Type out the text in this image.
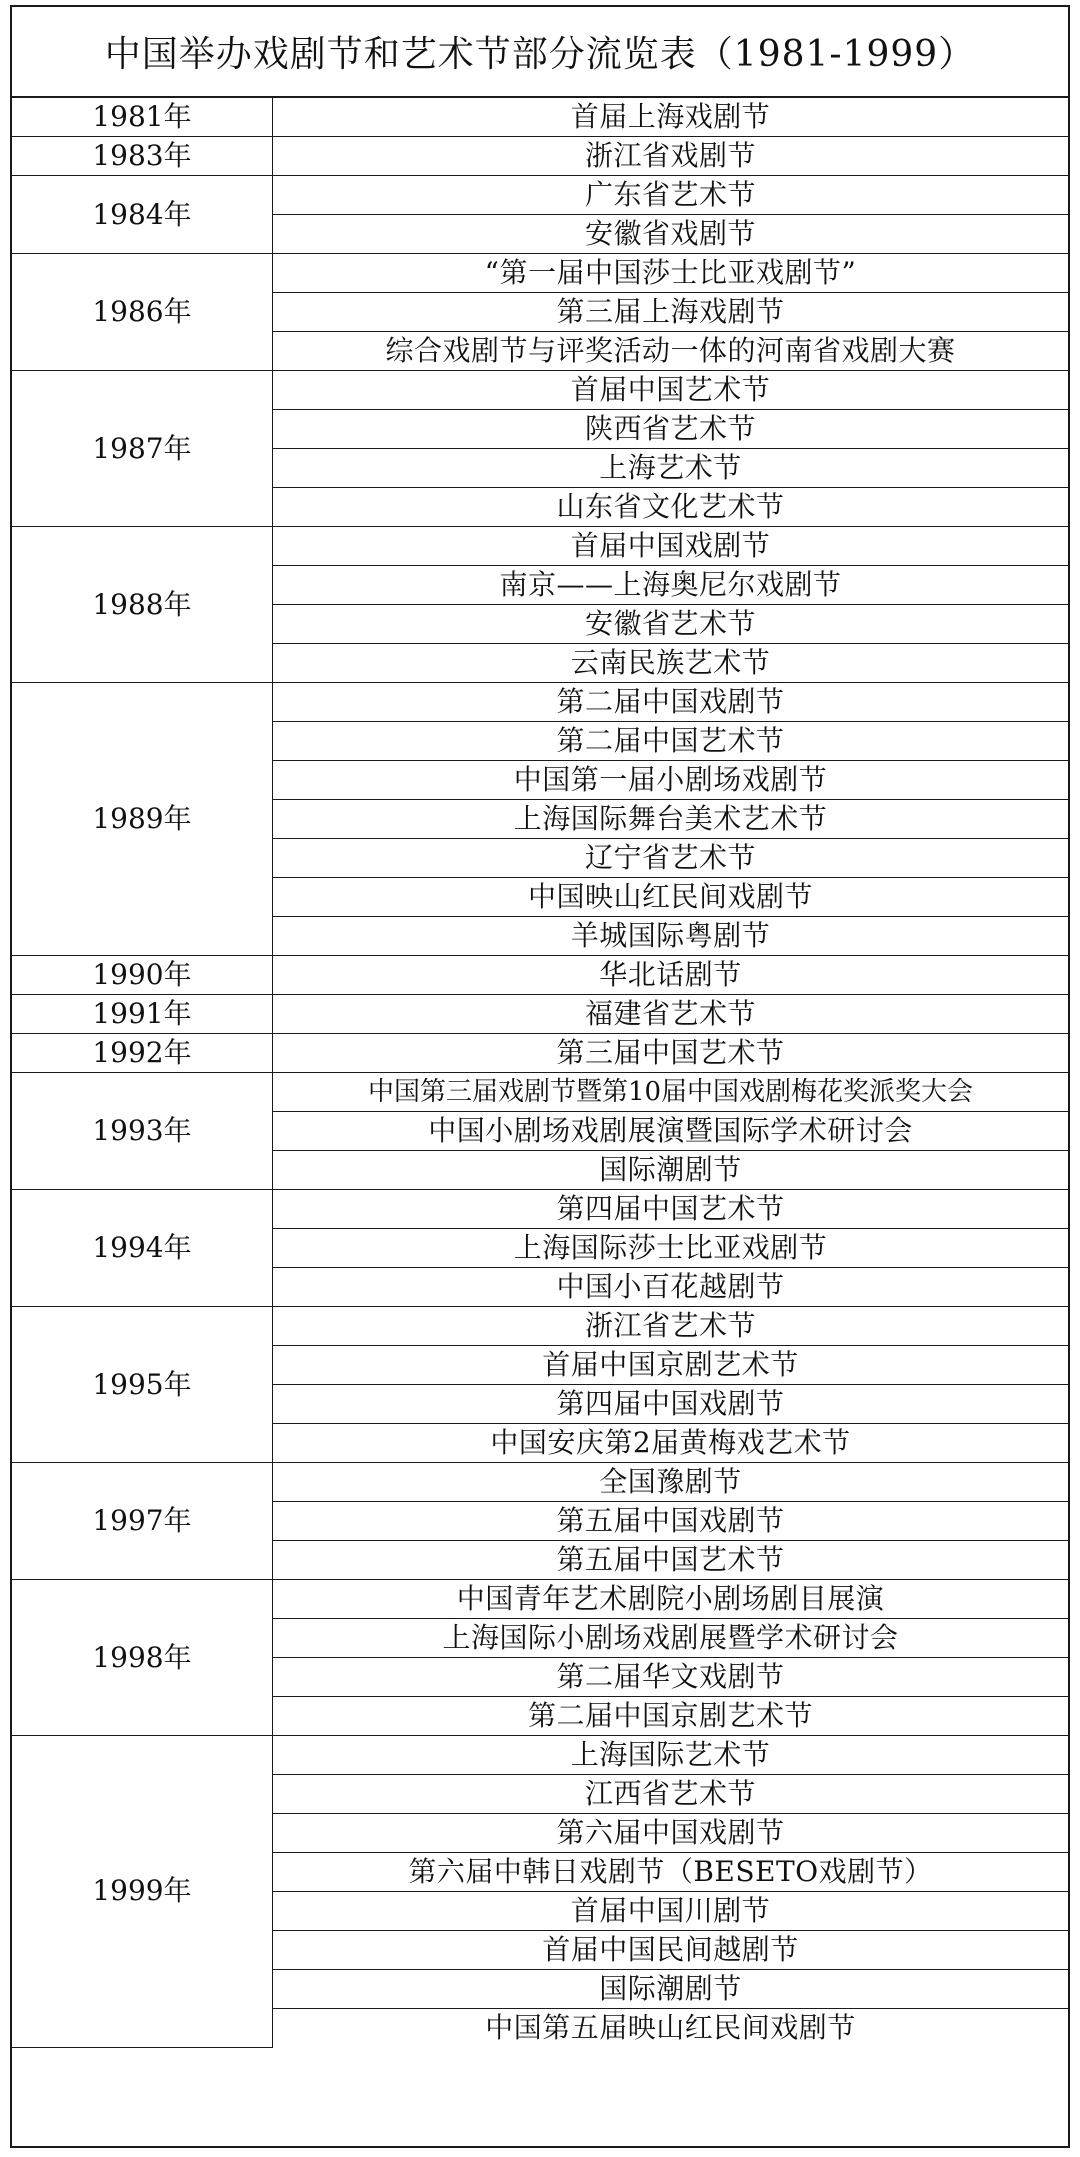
中国举办戏剧节和艺术节部分流览表（1981-1999）
1981年	首届上海戏剧节
1983年	浙江省戏剧节
1984年	广东省艺术节
	安徽省戏剧节
1986年	“第一届中国莎士比亚戏剧节”
	第三届上海戏剧节
	综合戏剧节与评奖活动一体的河南省戏剧大赛
1987年	首届中国艺术节
	陕西省艺术节
	上海艺术节
	山东省文化艺术节
1988年	首届中国戏剧节
	南京——上海奥尼尔戏剧节
	安徽省艺术节
	云南民族艺术节
1989年	第二届中国戏剧节
	第二届中国艺术节
	中国第一届小剧场戏剧节
	上海国际舞台美术艺术节
	辽宁省艺术节
	中国映山红民间戏剧节
	羊城国际粤剧节
1990年	华北话剧节
1991年	福建省艺术节
1992年	第三届中国艺术节
1993年	中国第三届戏剧节暨第10届中国戏剧梅花奖派奖大会
	中国小剧场戏剧展演暨国际学术研讨会
	国际潮剧节
1994年	第四届中国艺术节
	上海国际莎士比亚戏剧节
	中国小百花越剧节
1995年	浙江省艺术节
	首届中国京剧艺术节
	第四届中国戏剧节
	中国安庆第2届黄梅戏艺术节
1997年	全国豫剧节
	第五届中国戏剧节
	第五届中国艺术节
1998年	中国青年艺术剧院小剧场剧目展演
	上海国际小剧场戏剧展暨学术研讨会
	第二届华文戏剧节
	第二届中国京剧艺术节
1999年	上海国际艺术节
	江西省艺术节
	第六届中国戏剧节
	第六届中韩日戏剧节（BESETO戏剧节）
	首届中国川剧节
	首届中国民间越剧节
	国际潮剧节
	中国第五届映山红民间戏剧节
